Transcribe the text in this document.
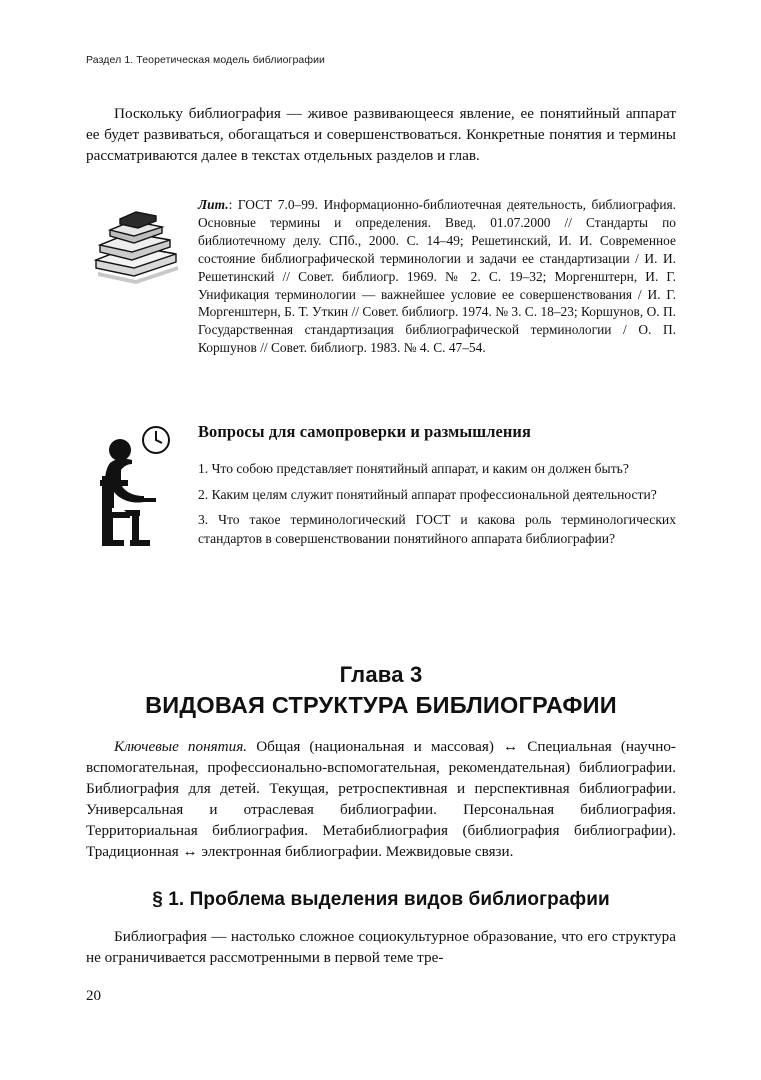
Раздел 1. Теоретическая модель библиографии

Поскольку библиография — живое развивающееся явление, ее понятийный аппарат ее будет развиваться, обогащаться и совершенствоваться. Конкретные понятия и термины рассматриваются далее в текстах отдельных разделов и глав.

Лит.: ГОСТ 7.0–99. Информационно-библиотечная деятельность, библиография. Основные термины и определения. Введ. 01.07.2000 // Стандарты по библиотечному делу. СПб., 2000. С. 14–49; Решетинский, И. И. Современное состояние библиографической терминологии и задачи ее стандартизации / И. И. Решетинский // Совет. библиогр. 1969. № 2. С. 19–32; Моргенштерн, И. Г. Унификация терминологии — важнейшее условие ее совершенствования / И. Г. Моргенштерн, Б. Т. Уткин // Совет. библиогр. 1974. № 3. С. 18–23; Коршунов, О. П. Государственная стандартизация библиографической терминологии / О. П. Коршунов // Совет. библиогр. 1983. № 4. С. 47–54.
Вопросы для самопроверки и размышления

1. Что собою представляет понятийный аппарат, и каким он должен быть?

2. Каким целям служит понятийный аппарат профессиональной деятельности?

3. Что такое терминологический ГОСТ и какова роль терминологических стандартов в совершенствовании понятийного аппарата библиографии?

Глава 3
ВИДОВАЯ СТРУКТУРА БИБЛИОГРАФИИ

Ключевые понятия. Общая (национальная и массовая) ↔ Специальная (научно-вспомогательная, профессионально-вспомогательная, рекомендательная) библиографии. Библиография для детей. Текущая, ретроспективная и перспективная библиографии. Универсальная и отраслевая библиографии. Персональная библиография. Территориальная библиография. Метабиблиография (библиография библиографии). Традиционная ↔ электронная библиографии. Межвидовые связи.

§ 1. Проблема выделения видов библиографии

Библиография — настолько сложное социокультурное образование, что его структура не ограничивается рассмотренными в первой теме тре-

20
